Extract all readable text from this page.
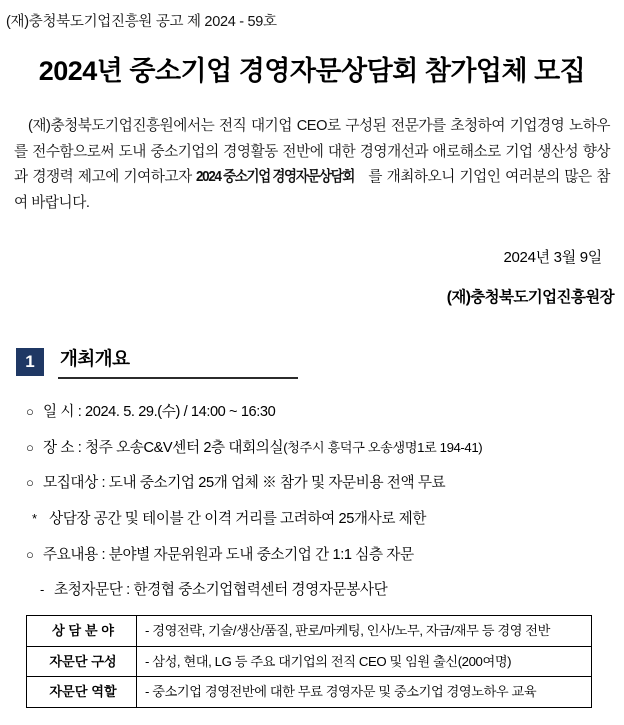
(재)충청북도기업진흥원 공고 제 2024 - 59호
2024년 중소기업 경영자문상담회 참가업체 모집
(재)충청북도기업진흥원에서는 전직 대기업 CEO로 구성된 전문가를 초청하여 기업경영 노하우를 전수함으로써 도내 중소기업의 경영활동 전반에 대한 경영개선과 애로해소로 기업 생산성 향상과 경쟁력 제고에 기여하고자 2024 중소기업 경영자문상담회 를 개최하오니 기업인 여러분의 많은 참여 바랍니다.
2024년 3월 9일
(재)충청북도기업진흥원장
1	개최개요
○ 일 시 : 2024. 5. 29.(수) / 14:00 ~ 16:30
○ 장 소 : 청주 오송C&V센터 2층 대회의실(청주시 흥덕구 오송생명1로 194-41)
○ 모집대상 : 도내 중소기업 25개 업체 ※ 참가 및 자문비용 전액 무료
* 상담장 공간 및 테이블 간 이격 거리를 고려하여 25개사로 제한
○ 주요내용 : 분야별 자문위원과 도내 중소기업 간 1:1 심층 자문
- 초청자문단 : 한경협 중소기업협력센터 경영자문봉사단
상 담 분 야	- 경영전략, 기술/생산/품질, 판로/마케팅, 인사/노무, 자금/재무 등 경영 전반
자문단 구성	- 삼성, 현대, LG 등 주요 대기업의 전직 CEO 및 임원 출신(200여명)
자문단 역할	- 중소기업 경영전반에 대한 무료 경영자문 및 중소기업 경영노하우 교육
